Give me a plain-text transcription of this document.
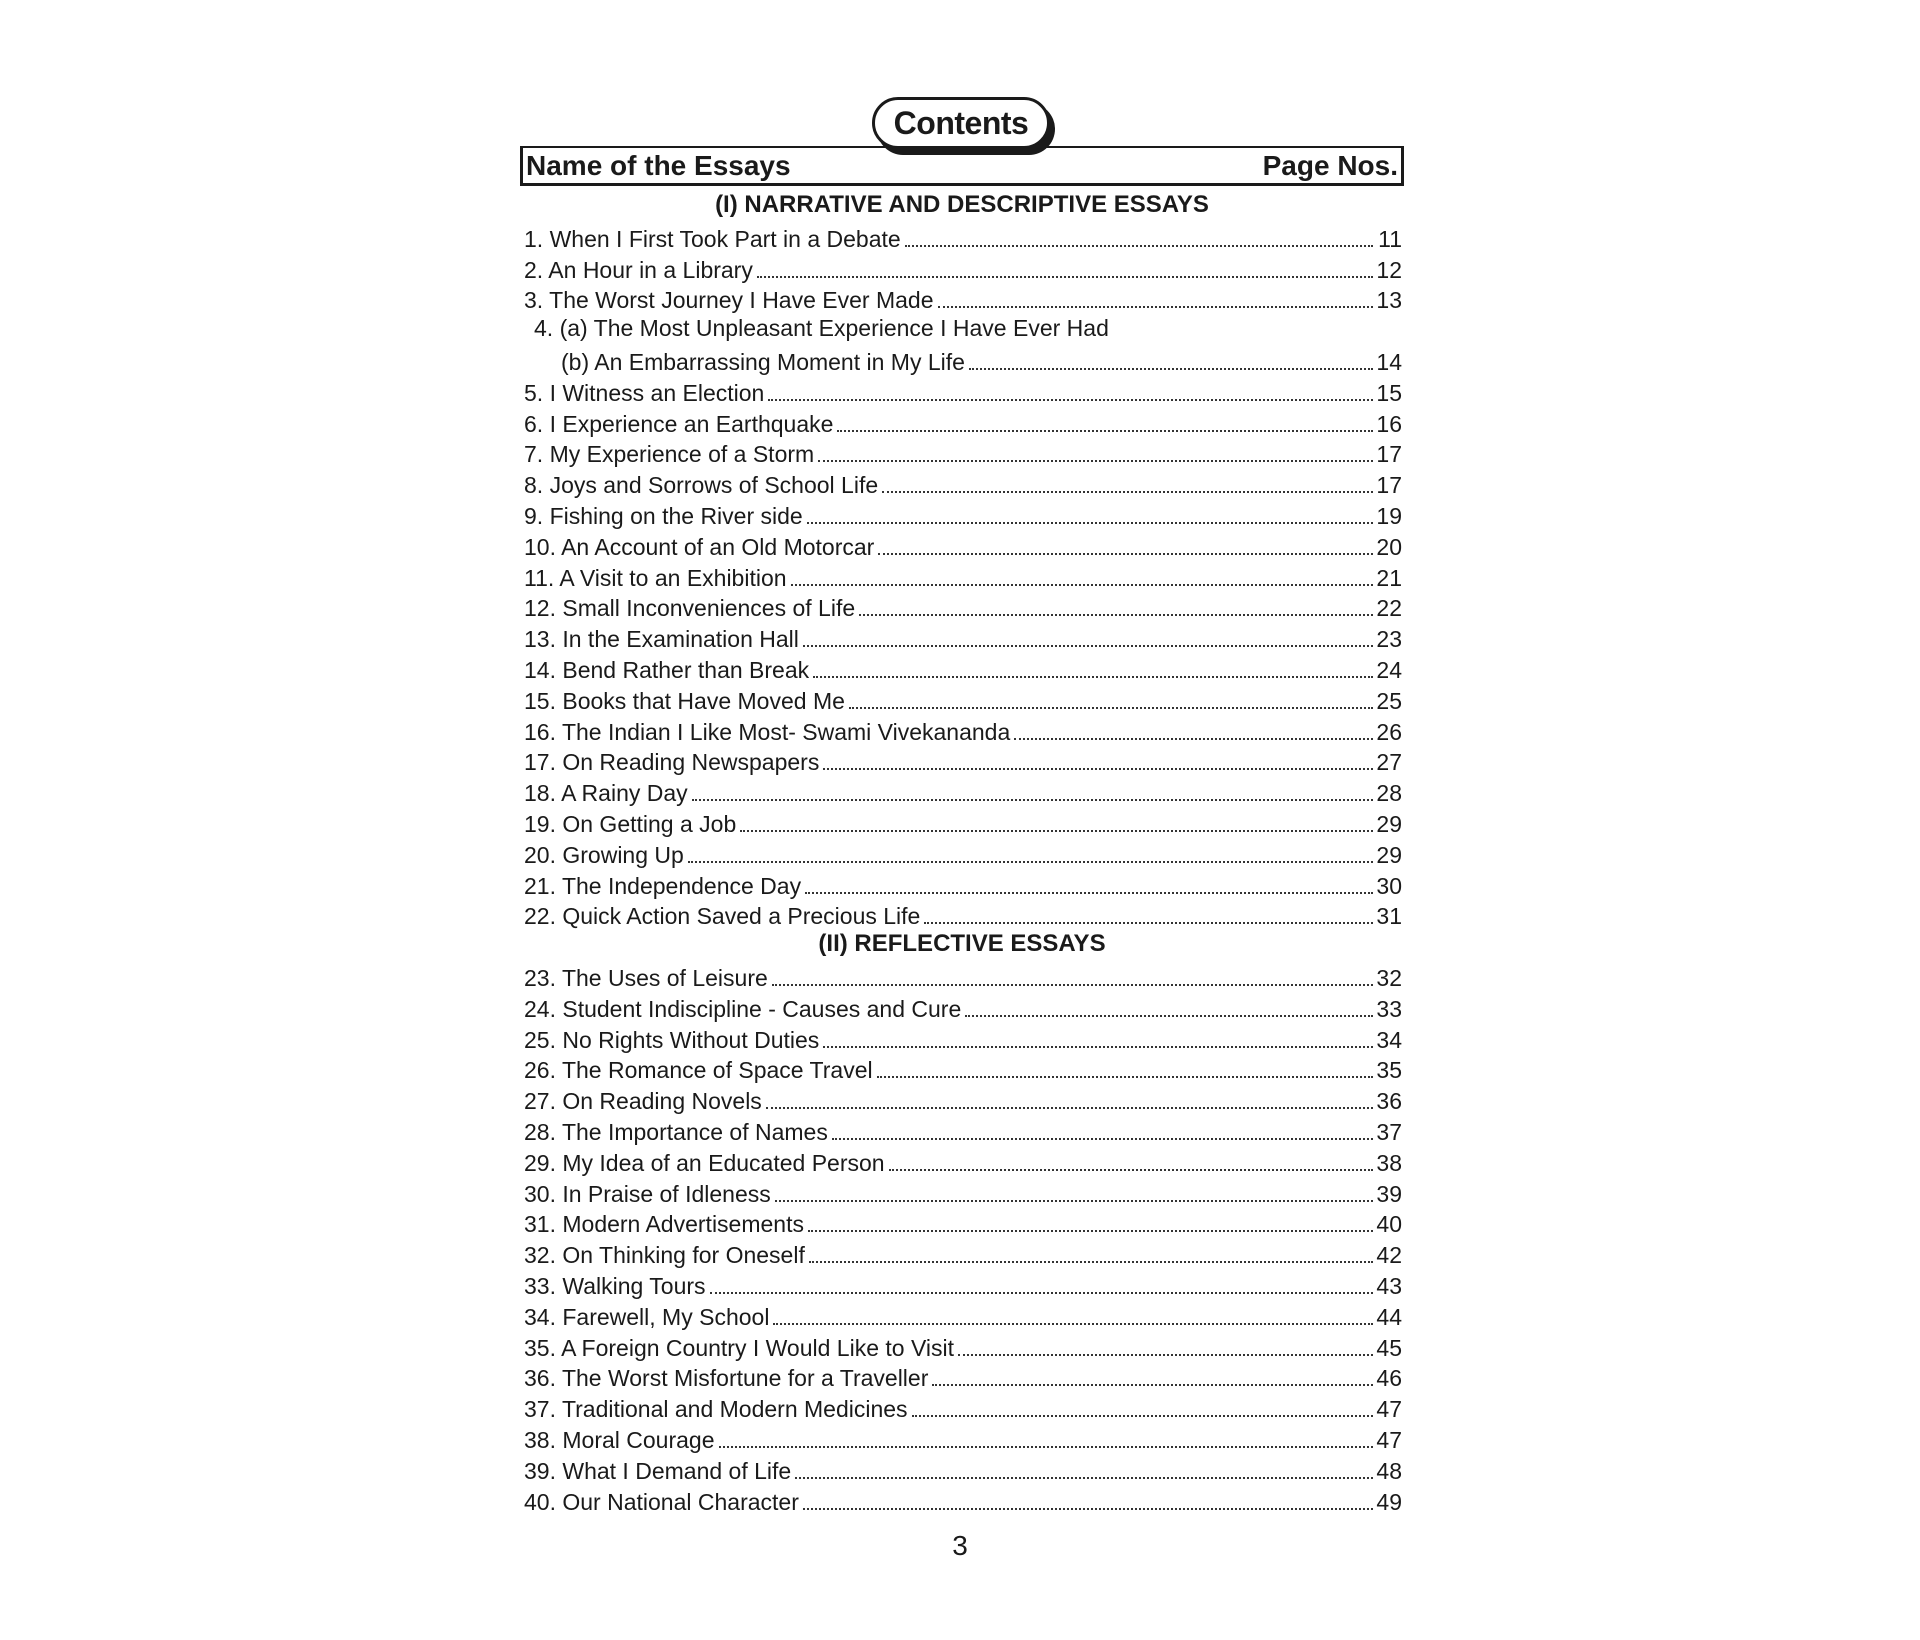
Contents
Name of the Essays	Page Nos.
(I) NARRATIVE AND DESCRIPTIVE ESSAYS
1. When I First Took Part in a Debate	11
2. An Hour in a Library	12
3. The Worst Journey I Have Ever Made	13
4. (a) The Most Unpleasant Experience I Have Ever Had
(b) An Embarrassing Moment in My Life	14
5. I Witness an Election	15
6. I Experience an Earthquake	16
7. My Experience of a Storm	17
8. Joys and Sorrows of School Life	17
9. Fishing on the River side	19
10. An Account of an Old Motorcar	20
11. A Visit to an Exhibition	21
12. Small Inconveniences of Life	22
13. In the Examination Hall	23
14. Bend Rather than Break	24
15. Books that Have Moved Me	25
16. The Indian I Like Most- Swami Vivekananda	26
17. On Reading Newspapers	27
18. A Rainy Day	28
19. On Getting a Job	29
20. Growing Up	29
21. The Independence Day	30
22. Quick Action Saved a Precious Life	31
(II) REFLECTIVE ESSAYS
23. The Uses of Leisure	32
24. Student Indiscipline - Causes and Cure	33
25. No Rights Without Duties	34
26. The Romance of Space Travel	35
27. On Reading Novels	36
28. The Importance of Names	37
29. My Idea of an Educated Person	38
30. In Praise of Idleness	39
31. Modern Advertisements	40
32. On Thinking for Oneself	42
33. Walking Tours	43
34. Farewell, My School	44
35. A Foreign Country I Would Like to Visit	45
36. The Worst Misfortune for a Traveller	46
37. Traditional and Modern Medicines	47
38. Moral Courage	47
39. What I Demand of Life	48
40. Our National Character	49
3
